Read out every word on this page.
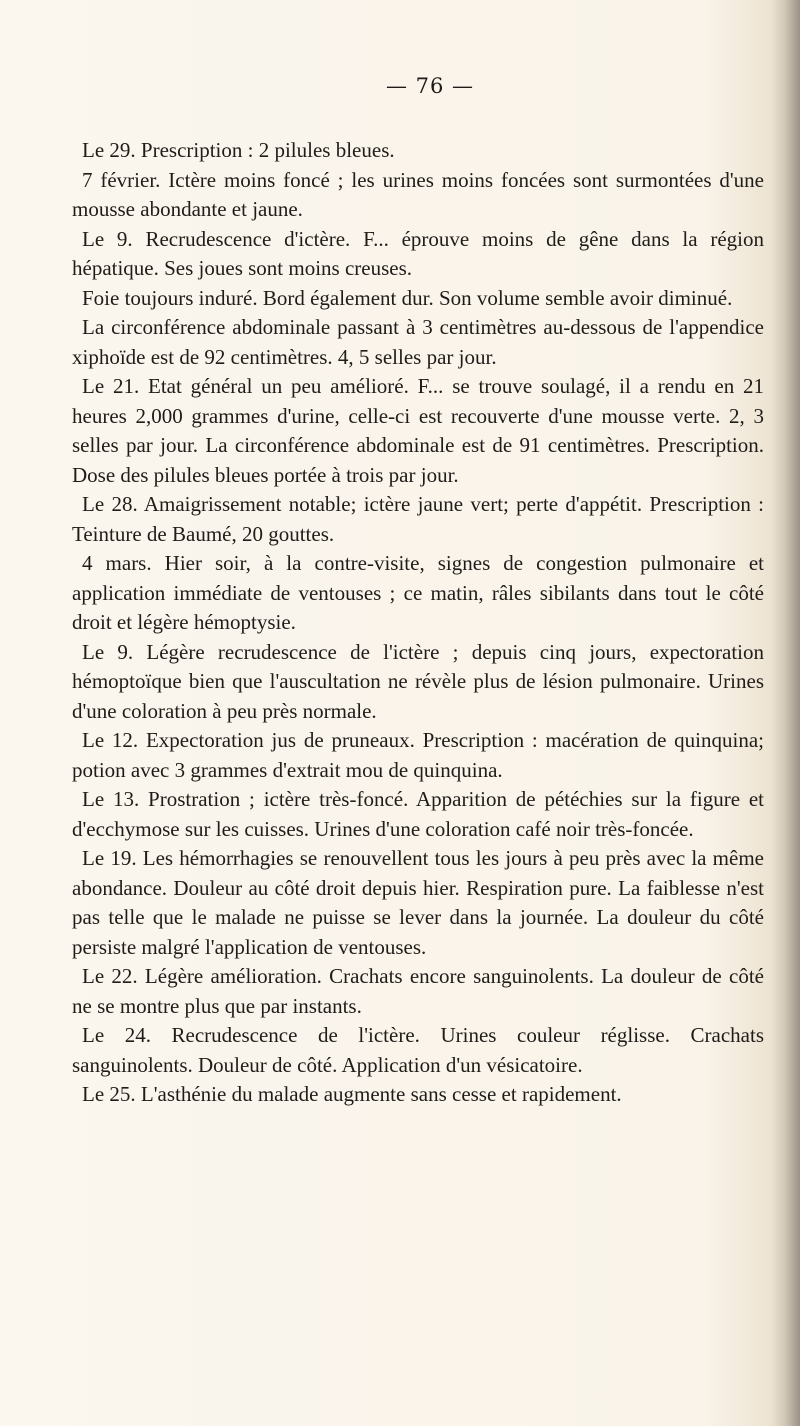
— 76 —

Le 29. Prescription : 2 pilules bleues.

7 février. Ictère moins foncé ; les urines moins foncées sont surmontées d'une mousse abondante et jaune.

Le 9. Recrudescence d'ictère. F... éprouve moins de gêne dans la région hépatique. Ses joues sont moins creuses.

Foie toujours induré. Bord également dur. Son volume semble avoir diminué.

La circonférence abdominale passant à 3 centimètres au-dessous de l'appendice xiphoïde est de 92 centimètres. 4, 5 selles par jour.

Le 21. Etat général un peu amélioré. F... se trouve soulagé, il a rendu en 21 heures 2,000 grammes d'urine, celle-ci est recouverte d'une mousse verte. 2, 3 selles par jour. La circonférence abdominale est de 91 centimètres. Prescription. Dose des pilules bleues portée à trois par jour.

Le 28. Amaigrissement notable; ictère jaune vert; perte d'appétit. Prescription : Teinture de Baumé, 20 gouttes.

4 mars. Hier soir, à la contre-visite, signes de congestion pulmonaire et application immédiate de ventouses ; ce matin, râles sibilants dans tout le côté droit et légère hémoptysie.

Le 9. Légère recrudescence de l'ictère ; depuis cinq jours, expectoration hémoptoïque bien que l'auscultation ne révèle plus de lésion pulmonaire. Urines d'une coloration à peu près normale.

Le 12. Expectoration jus de pruneaux. Prescription : macération de quinquina; potion avec 3 grammes d'extrait mou de quinquina.

Le 13. Prostration ; ictère très-foncé. Apparition de pétéchies sur la figure et d'ecchymose sur les cuisses. Urines d'une coloration café noir très-foncée.

Le 19. Les hémorrhagies se renouvellent tous les jours à peu près avec la même abondance. Douleur au côté droit depuis hier. Respiration pure. La faiblesse n'est pas telle que le malade ne puisse se lever dans la journée. La douleur du côté persiste malgré l'application de ventouses.

Le 22. Légère amélioration. Crachats encore sanguinolents. La douleur de côté ne se montre plus que par instants.

Le 24. Recrudescence de l'ictère. Urines couleur réglisse. Crachats sanguinolents. Douleur de côté. Application d'un vésicatoire.

Le 25. L'asthénie du malade augmente sans cesse et rapidement.
